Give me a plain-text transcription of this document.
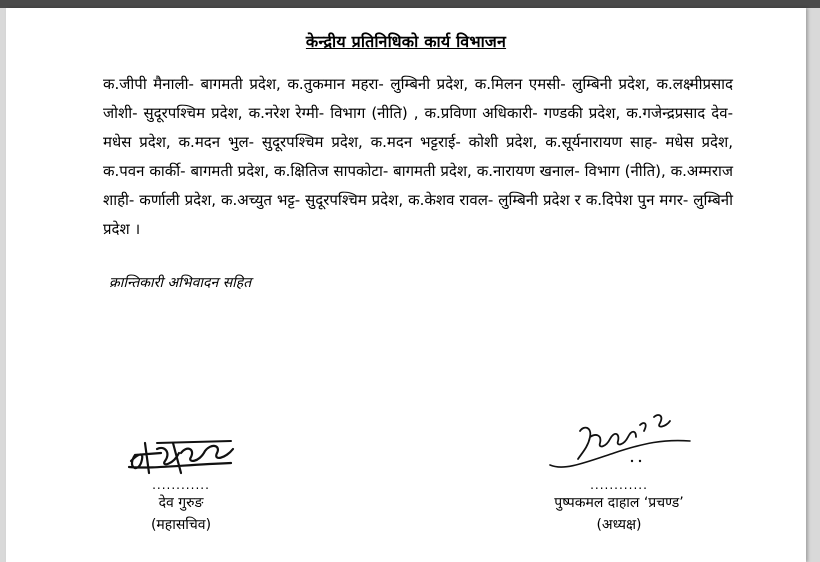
केन्द्रीय प्रतिनिधिको कार्य विभाजन
क.जीपी मैनाली- बागमती प्रदेश, क.तुकमान महरा- लुम्बिनी प्रदेश, क.मिलन एमसी- लुम्बिनी प्रदेश, क.लक्ष्मीप्रसाद जोशी- सुदूरपश्चिम प्रदेश, क.नरेश रेग्मी- विभाग (नीति) , क.प्रविणा अधिकारी- गण्डकी प्रदेश, क.गजेन्द्रप्रसाद देव- मधेस प्रदेश, क.मदन भुल- सुदूरपश्चिम प्रदेश, क.मदन भट्टराई- कोशी प्रदेश, क.सूर्यनारायण साह- मधेस प्रदेश, क.पवन कार्की- बागमती प्रदेश, क.क्षितिज सापकोटा- बागमती प्रदेश, क.नारायण खनाल- विभाग (नीति), क.अम्मराज शाही- कर्णाली प्रदेश, क.अच्युत भट्ट- सुदूरपश्चिम प्रदेश, क.केशव रावल- लुम्बिनी प्रदेश र क.दिपेश पुन मगर- लुम्बिनी प्रदेश ।
क्रान्तिकारी अभिवादन सहित
............
देव गुरुङ
(महासचिव)
............
पुष्पकमल दाहाल ‘प्रचण्ड’
(अध्यक्ष)
